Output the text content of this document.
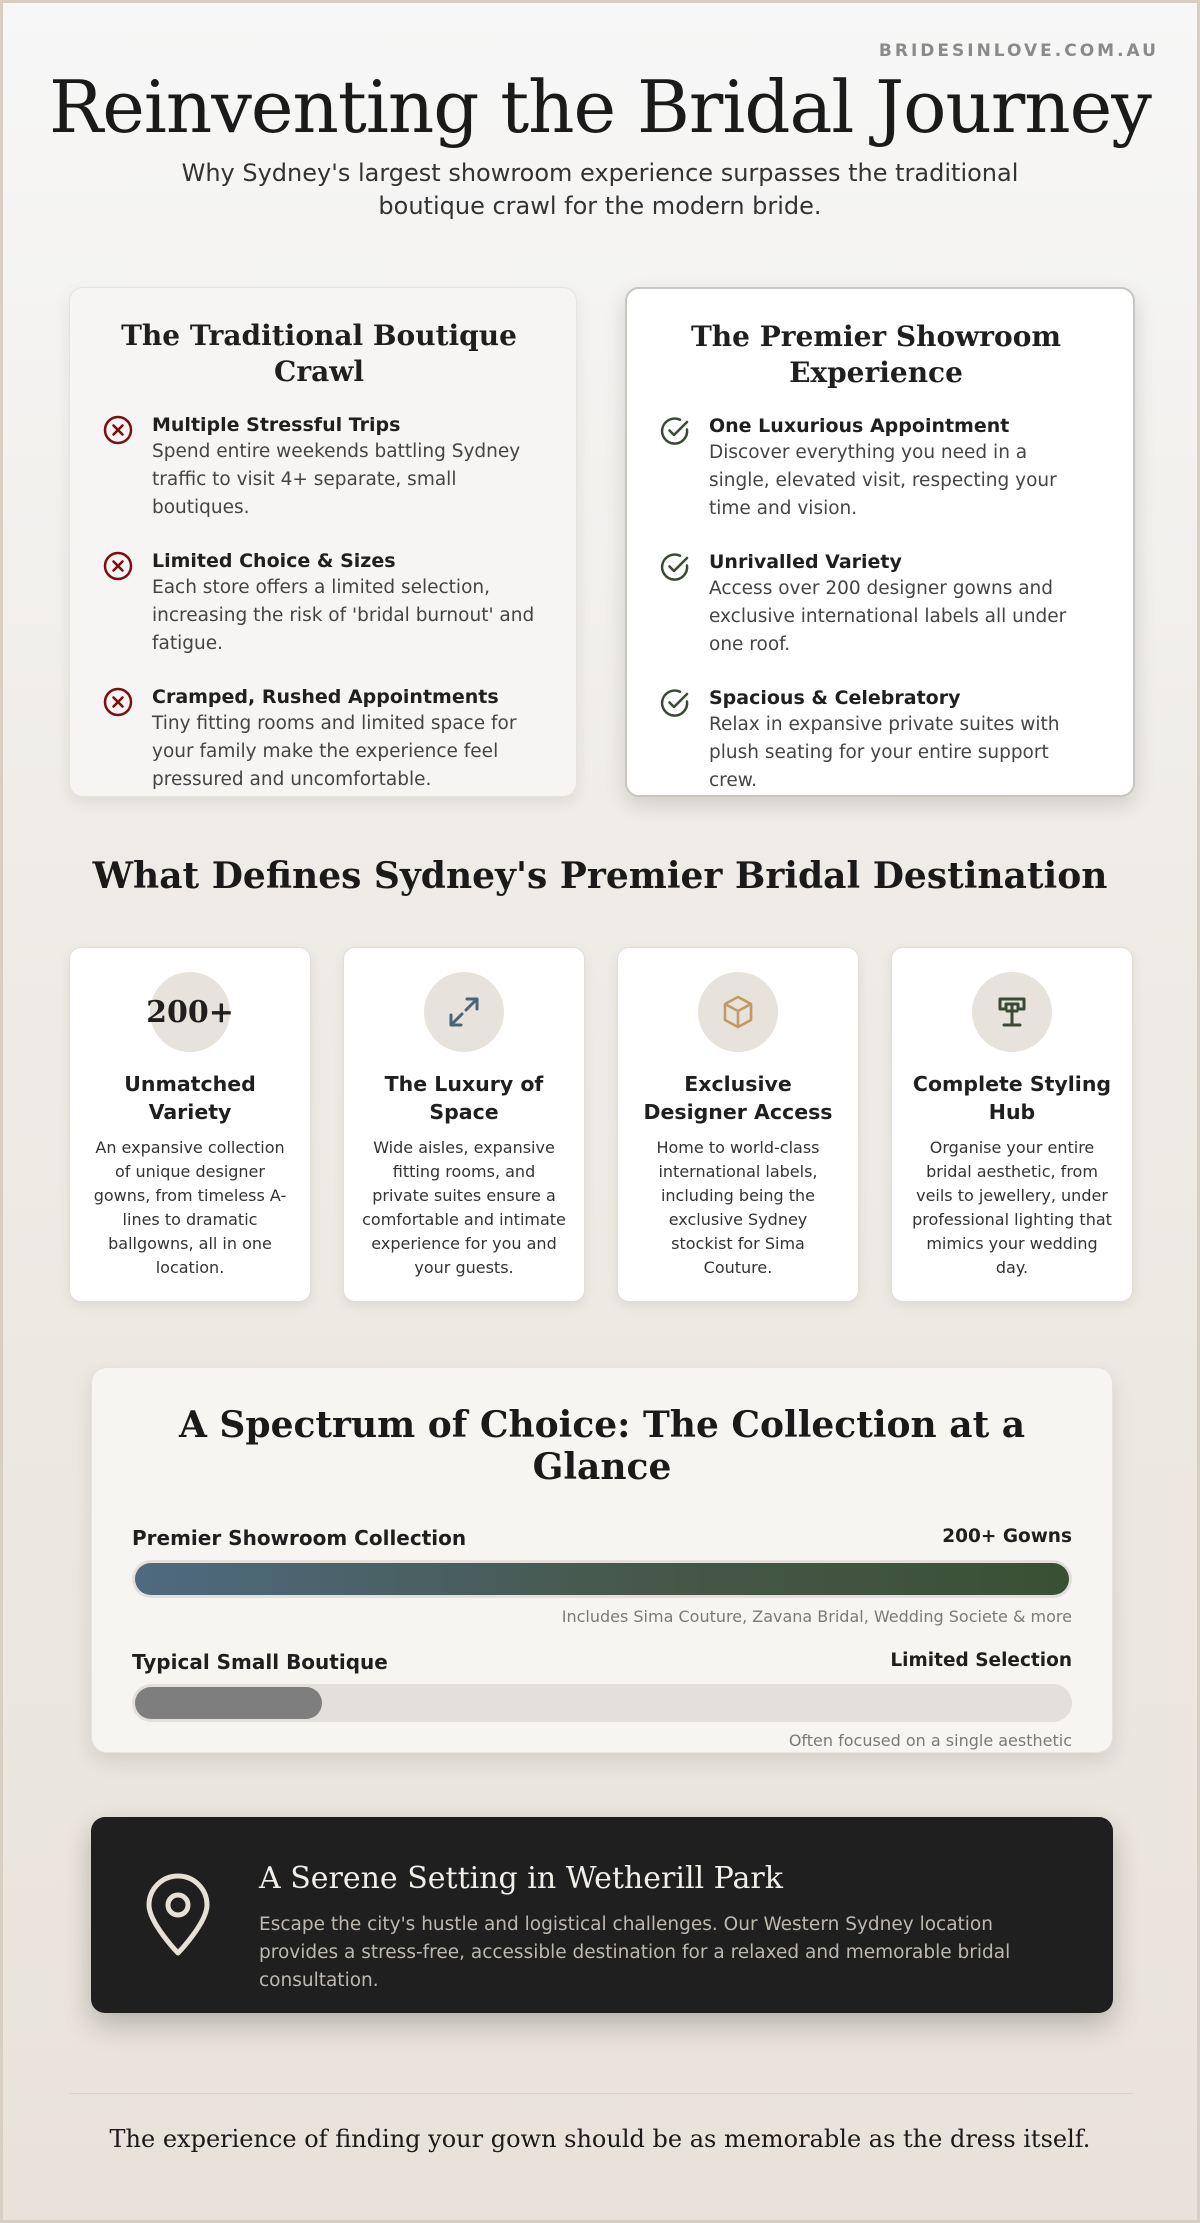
BRIDESINLOVE.COM.AU
Reinventing the Bridal Journey

Why Sydney's largest showroom experience surpasses the traditional boutique crawl for the modern bride.

The Traditional Boutique Crawl
Multiple Stressful Trips
Spend entire weekends battling Sydney traffic to visit 4+ separate, small boutiques.
Limited Choice & Sizes
Each store offers a limited selection, increasing the risk of 'bridal burnout' and fatigue.
Cramped, Rushed Appointments
Tiny fitting rooms and limited space for your family make the experience feel pressured and uncomfortable.
The Premier Showroom Experience
One Luxurious Appointment
Discover everything you need in a single, elevated visit, respecting your time and vision.
Unrivalled Variety
Access over 200 designer gowns and exclusive international labels all under one roof.
Spacious & Celebratory
Relax in expansive private suites with plush seating for your entire support crew.
What Defines Sydney's Premier Bridal Destination
200+
Unmatched Variety
An expansive collection of unique designer gowns, from timeless A-lines to dramatic ballgowns, all in one location.
The Luxury of Space
Wide aisles, expansive fitting rooms, and private suites ensure a comfortable and intimate experience for you and your guests.
Exclusive Designer Access
Home to world-class international labels, including being the exclusive Sydney stockist for Sima Couture.
Complete Styling Hub
Organise your entire bridal aesthetic, from veils to jewellery, under professional lighting that mimics your wedding day.
A Spectrum of Choice: The Collection at a Glance
Premier Showroom Collection	200+ Gowns
Includes Sima Couture, Zavana Bridal, Wedding Societe & more
Typical Small Boutique	Limited Selection
Often focused on a single aesthetic
A Serene Setting in Wetherill Park
Escape the city's hustle and logistical challenges. Our Western Sydney location provides a stress-free, accessible destination for a relaxed and memorable bridal consultation.
The experience of finding your gown should be as memorable as the dress itself.
